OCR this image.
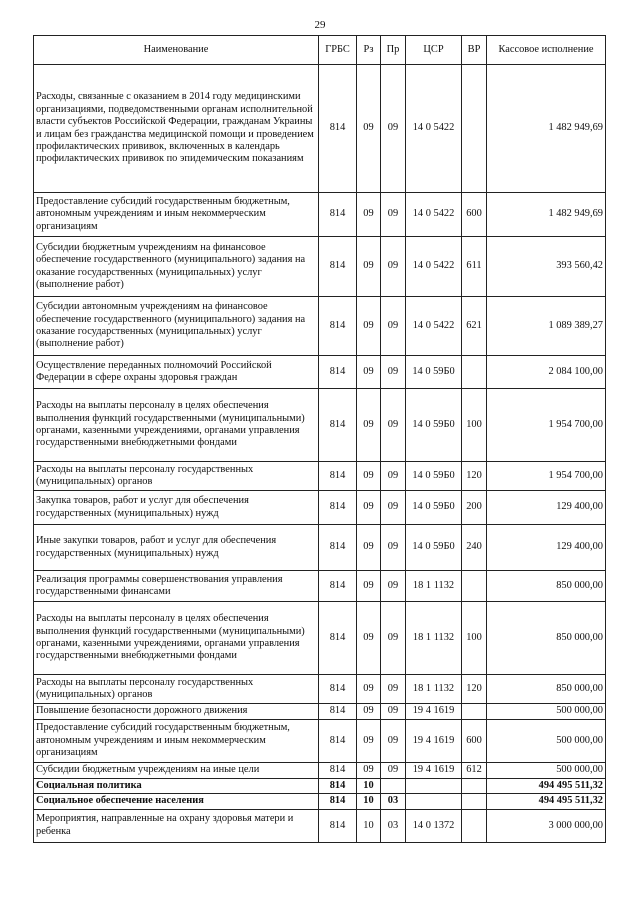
29
Наименование	ГРБС	Рз	Пр	ЦСР	ВР	Кассовое исполнение
Расходы, связанные с оказанием в 2014 году медицинскими организациями, подведомственными органам исполнительной власти субъектов Российской Федерации, гражданам Украины и лицам без гражданства медицинской помощи и проведением профилактических прививок, включенных в календарь профилактических прививок по эпидемическим показаниям	814	09	09	14 0 5422		1 482 949,69
Предоставление субсидий государственным бюджетным, автономным учреждениям и иным некоммерческим организациям	814	09	09	14 0 5422	600	1 482 949,69
Субсидии бюджетным учреждениям на финансовое обеспечение государственного (муниципального) задания на оказание государственных (муниципальных) услуг (выполнение работ)	814	09	09	14 0 5422	611	393 560,42
Субсидии автономным учреждениям на финансовое обеспечение государственного (муниципального) задания на оказание государственных (муниципальных) услуг (выполнение работ)	814	09	09	14 0 5422	621	1 089 389,27
Осуществление переданных полномочий Российской Федерации в сфере охраны здоровья граждан	814	09	09	14 0 59Б0		2 084 100,00
Расходы на выплаты персоналу в целях обеспечения выполнения функций государственными (муниципальными) органами, казенными учреждениями, органами управления государственными внебюджетными фондами	814	09	09	14 0 59Б0	100	1 954 700,00
Расходы на выплаты персоналу государственных (муниципальных) органов	814	09	09	14 0 59Б0	120	1 954 700,00
Закупка товаров, работ и услуг для обеспечения государственных (муниципальных) нужд	814	09	09	14 0 59Б0	200	129 400,00
Иные закупки товаров, работ и услуг для обеспечения государственных (муниципальных) нужд	814	09	09	14 0 59Б0	240	129 400,00
Реализация программы совершенствования управления государственными финансами	814	09	09	18 1 1132		850 000,00
Расходы на выплаты персоналу в целях обеспечения выполнения функций государственными (муниципальными) органами, казенными учреждениями, органами управления государственными внебюджетными фондами	814	09	09	18 1 1132	100	850 000,00
Расходы на выплаты персоналу государственных (муниципальных) органов	814	09	09	18 1 1132	120	850 000,00
Повышение безопасности дорожного движения	814	09	09	19 4 1619		500 000,00
Предоставление субсидий государственным бюджетным, автономным учреждениям и иным некоммерческим организациям	814	09	09	19 4 1619	600	500 000,00
Субсидии бюджетным учреждениям на иные цели	814	09	09	19 4 1619	612	500 000,00
Социальная политика	814	10				494 495 511,32
Социальное обеспечение населения	814	10	03			494 495 511,32
Мероприятия, направленные на охрану здоровья матери и ребенка	814	10	03	14 0 1372		3 000 000,00
